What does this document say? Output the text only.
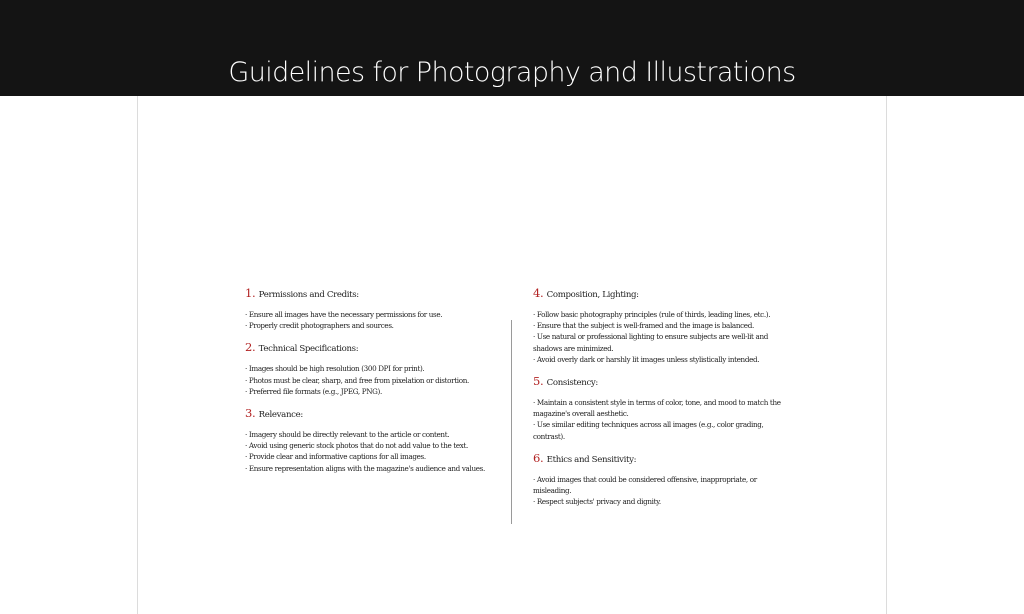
Guidelines for Photography and Illustrations
1. Permissions and Credits:

· Ensure all images have the necessary permissions for use.

· Properly credit photographers and sources.

2. Technical Specifications:

· Images should be high resolution (300 DPI for print).

· Photos must be clear, sharp, and free from pixelation or distortion.

· Preferred file formats (e.g., JPEG, PNG).

3. Relevance:

· Imagery should be directly relevant to the article or content.

· Avoid using generic stock photos that do not add value to the text.

· Provide clear and informative captions for all images.

· Ensure representation aligns with the magazine's audience and values.

4. Composition, Lighting:

· Follow basic photography principles (rule of thirds, leading lines, etc.).

· Ensure that the subject is well-framed and the image is balanced.

· Use natural or professional lighting to ensure subjects are well-lit and shadows are minimized.

· Avoid overly dark or harshly lit images unless stylistically intended.

5. Consistency:

· Maintain a consistent style in terms of color, tone, and mood to match the magazine's overall aesthetic.

· Use similar editing techniques across all images (e.g., color grading, contrast).

6. Ethics and Sensitivity:

· Avoid images that could be considered offensive, inappropriate, or misleading.

· Respect subjects' privacy and dignity.
